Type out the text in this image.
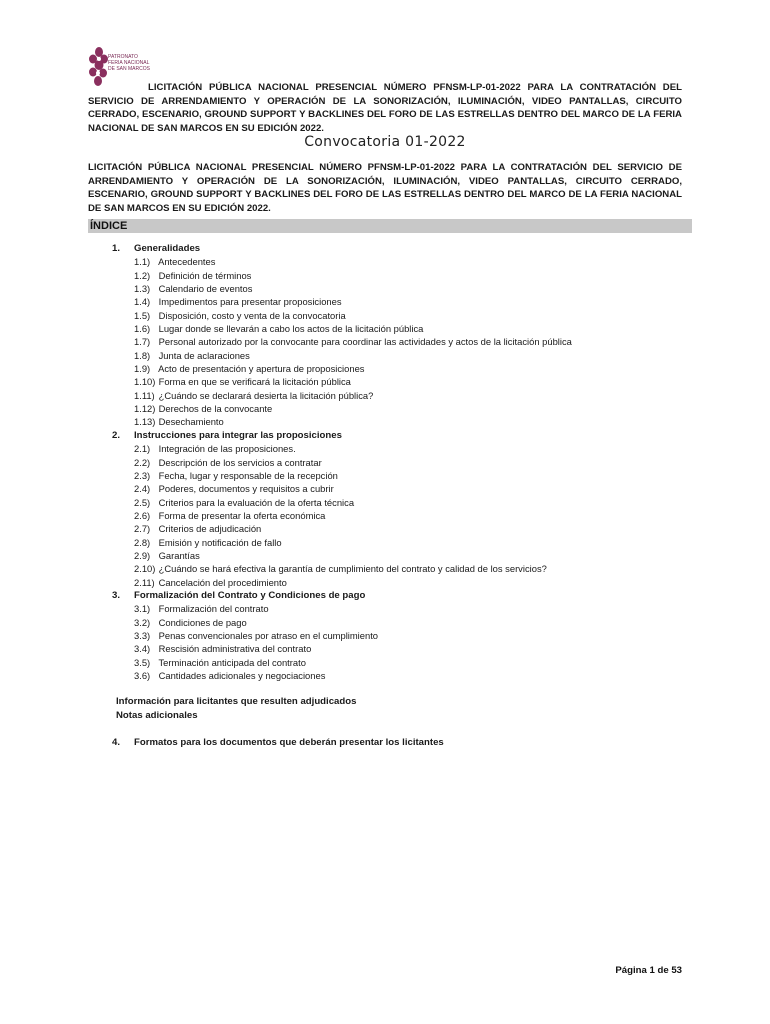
PATRONATO
FERIA NACIONAL
DE SAN MARCOS
LICITACIÓN PÚBLICA NACIONAL PRESENCIAL NÚMERO PFNSM-LP-01-2022 PARA LA CONTRATACIÓN DEL SERVICIO DE ARRENDAMIENTO Y OPERACIÓN DE LA SONORIZACIÓN, ILUMINACIÓN, VIDEO PANTALLAS, CIRCUITO CERRADO, ESCENARIO, GROUND SUPPORT Y BACKLINES DEL FORO DE LAS ESTRELLAS DENTRO DEL MARCO DE LA FERIA NACIONAL DE SAN MARCOS EN SU EDICIÓN 2022.
Convocatoria 01-2022
LICITACIÓN PÚBLICA NACIONAL PRESENCIAL NÚMERO PFNSM-LP-01-2022 PARA LA CONTRATACIÓN DEL SERVICIO DE ARRENDAMIENTO Y OPERACIÓN DE LA SONORIZACIÓN, ILUMINACIÓN, VIDEO PANTALLAS, CIRCUITO CERRADO, ESCENARIO, GROUND SUPPORT Y BACKLINES DEL FORO DE LAS ESTRELLAS DENTRO DEL MARCO DE LA FERIA NACIONAL DE SAN MARCOS EN SU EDICIÓN 2022.
ÍNDICE
1. Generalidades
1.1) Antecedentes
1.2) Definición de términos
1.3) Calendario de eventos
1.4) Impedimentos para presentar proposiciones
1.5) Disposición, costo y venta de la convocatoria
1.6) Lugar donde se llevarán a cabo los actos de la licitación pública
1.7) Personal autorizado por la convocante para coordinar las actividades y actos de la licitación pública
1.8) Junta de aclaraciones
1.9) Acto de presentación y apertura de proposiciones
1.10) Forma en que se verificará la licitación pública
1.11) ¿Cuándo se declarará desierta la licitación pública?
1.12) Derechos de la convocante
1.13) Desechamiento
2. Instrucciones para integrar las proposiciones
2.1) Integración de las proposiciones.
2.2) Descripción de los servicios a contratar
2.3) Fecha, lugar y responsable de la recepción
2.4) Poderes, documentos y requisitos a cubrir
2.5) Criterios para la evaluación de la oferta técnica
2.6) Forma de presentar la oferta económica
2.7) Criterios de adjudicación
2.8) Emisión y notificación de fallo
2.9) Garantías
2.10) ¿Cuándo se hará efectiva la garantía de cumplimiento del contrato y calidad de los servicios?
2.11) Cancelación del procedimiento
3. Formalización del Contrato y Condiciones de pago
3.1) Formalización del contrato
3.2) Condiciones de pago
3.3) Penas convencionales por atraso en el cumplimiento
3.4) Rescisión administrativa del contrato
3.5) Terminación anticipada del contrato
3.6) Cantidades adicionales y negociaciones
Información para licitantes que resulten adjudicados
Notas adicionales
4. Formatos para los documentos que deberán presentar los licitantes
Página 1 de 53
